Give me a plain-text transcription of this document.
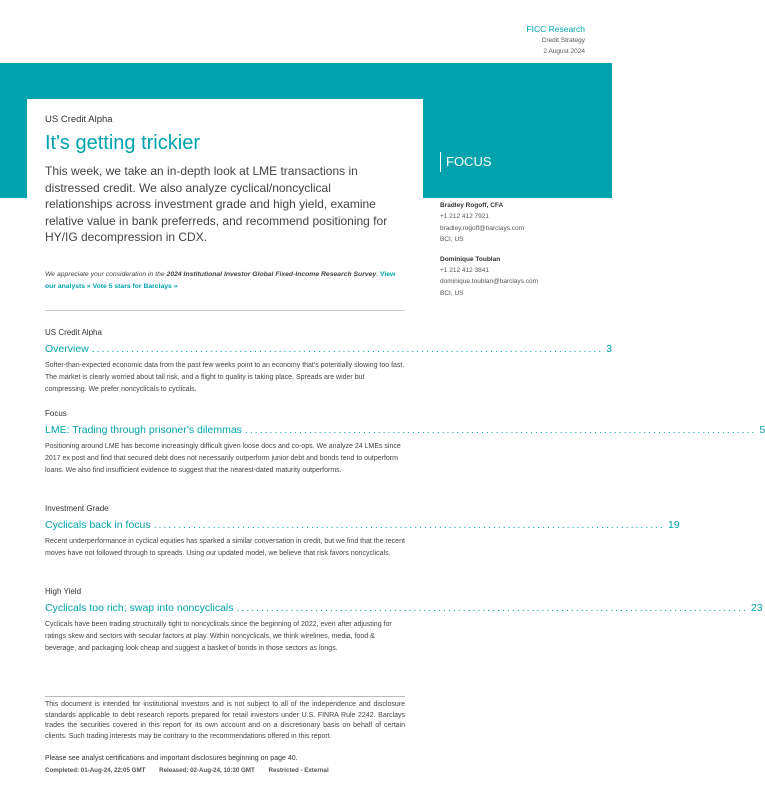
FICC Research
Credit Strategy
2 August 2024
US Credit Alpha
It's getting trickier
This week, we take an in-depth look at LME transactions in distressed credit. We also analyze cyclical/noncyclical relationships across investment grade and high yield, examine relative value in bank preferreds, and recommend positioning for HY/IG decompression in CDX.
We appreciate your consideration in the 2024 Institutional Investor Global Fixed-Income Research Survey. View our analysts » Vote 5 stars for Barclays »
FOCUS
Bradley Rogoff, CFA
+1 212 412 7921
bradley.rogoff@barclays.com
BCI, US
Dominique Toublan
+1 212 412 3841
dominique.toublan@barclays.com
BCI, US
US Credit Alpha
Overview ........................................................................................................ 3
Softer-than-expected economic data from the past few weeks point to an economy that's potentially slowing too fast. The market is clearly worried about tail risk, and a flight to quality is taking place. Spreads are wider but compressing. We prefer noncyclicals to cyclicals.
Focus
LME: Trading through prisoner's dilemmas ........................................................................................................ 5
Positioning around LME has become increasingly difficult given loose docs and co-ops. We analyze 24 LMEs since 2017 ex post and find that secured debt does not necessarily outperform junior debt and bonds tend to outperform loans. We also find insufficient evidence to suggest that the nearest-dated maturity outperforms.
Investment Grade
Cyclicals back in focus ........................................................................................................ 19
Recent underperformance in cyclical equities has sparked a similar conversation in credit, but we find that the recent moves have not followed through to spreads. Using our updated model, we believe that risk favors noncyclicals.
High Yield
Cyclicals too rich; swap into noncyclicals ........................................................................................................ 23
Cyclicals have been trading structurally tight to noncyclicals since the beginning of 2022, even after adjusting for ratings skew and sectors with secular factors at play. Within noncyclicals, we think wirelines, media, food & beverage, and packaging look cheap and suggest a basket of bonds in those sectors as longs.
This document is intended for institutional investors and is not subject to all of the independence and disclosure standards applicable to debt research reports prepared for retail investors under U.S. FINRA Rule 2242. Barclays trades the securities covered in this report for its own account and on a discretionary basis on behalf of certain clients. Such trading interests may be contrary to the recommendations offered in this report.
Please see analyst certifications and important disclosures beginning on page 40.
Completed: 01-Aug-24, 22:05 GMT Released: 02-Aug-24, 10:30 GMT Restricted - External
